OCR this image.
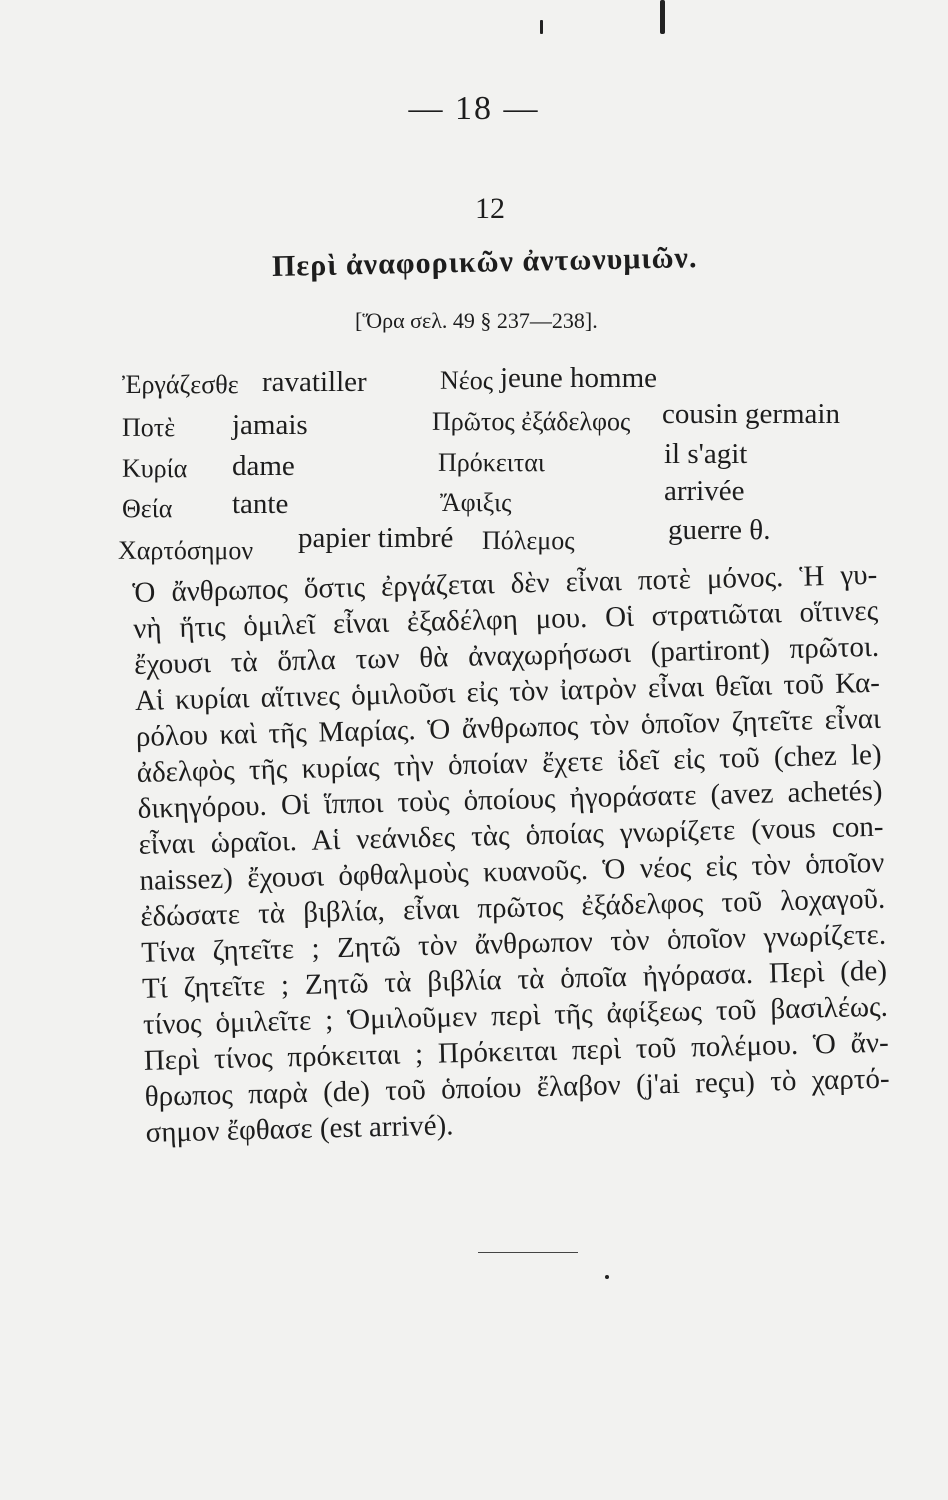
— 18 —
12
Περὶ ἀναφορικῶν ἀντωνυμιῶν.
[Ὅρα σελ. 49 § 237—238].
Ἐργάζεσθε ravatiller
Ποτὲ jamais
Κυρία dame
Θεία tante
Χαρτόσημον papier timbré
Νέος jeune homme
Πρῶτος ἐξάδελφος cousin germain
Πρόκειται	il s'agit
Ἄφιξις	arrivée
Πόλεμος	guerre θ.
Ὁ ἄνθρωπος ὅστις ἐργάζεται δὲν εἶναι ποτὲ μόνος. Ἡ γυ-
νὴ ἥτις ὁμιλεῖ εἶναι ἐξαδέλφη μου. Οἱ στρατιῶται οἵτινες
ἔχουσι τὰ ὅπλα των θὰ ἀναχωρήσωσι (partiront) πρῶτοι.
Αἱ κυρίαι αἵτινες ὁμιλοῦσι εἰς τὸν ἰατρὸν εἶναι θεῖαι τοῦ Κα-
ρόλου καὶ τῆς Μαρίας. Ὁ ἄνθρωπος τὸν ὁποῖον ζητεῖτε εἶναι
ἀδελφὸς τῆς κυρίας τὴν ὁποίαν ἔχετε ἰδεῖ εἰς τοῦ (chez le)
δικηγόρου. Οἱ ἵπποι τοὺς ὁποίους ἠγοράσατε (avez achetés)
εἶναι ὡραῖοι. Αἱ νεάνιδες τὰς ὁποίας γνωρίζετε (vous con-
naissez) ἔχουσι ὀφθαλμοὺς κυανοῦς. Ὁ νέος εἰς τὸν ὁποῖον
ἐδώσατε τὰ βιβλία, εἶναι πρῶτος ἐξάδελφος τοῦ λοχαγοῦ.
Τίνα ζητεῖτε ; Ζητῶ τὸν ἄνθρωπον τὸν ὁποῖον γνωρίζετε.
Τί ζητεῖτε ; Ζητῶ τὰ βιβλία τὰ ὁποῖα ἠγόρασα. Περὶ (de)
τίνος ὁμιλεῖτε ; Ὁμιλοῦμεν περὶ τῆς ἀφίξεως τοῦ βασιλέως.
Περὶ τίνος πρόκειται ; Πρόκειται περὶ τοῦ πολέμου. Ὁ ἄν-
θρωπος παρὰ (de) τοῦ ὁποίου ἔλαβον (j'ai reçu) τὸ χαρτό-
σημον ἔφθασε (est arrivé).
